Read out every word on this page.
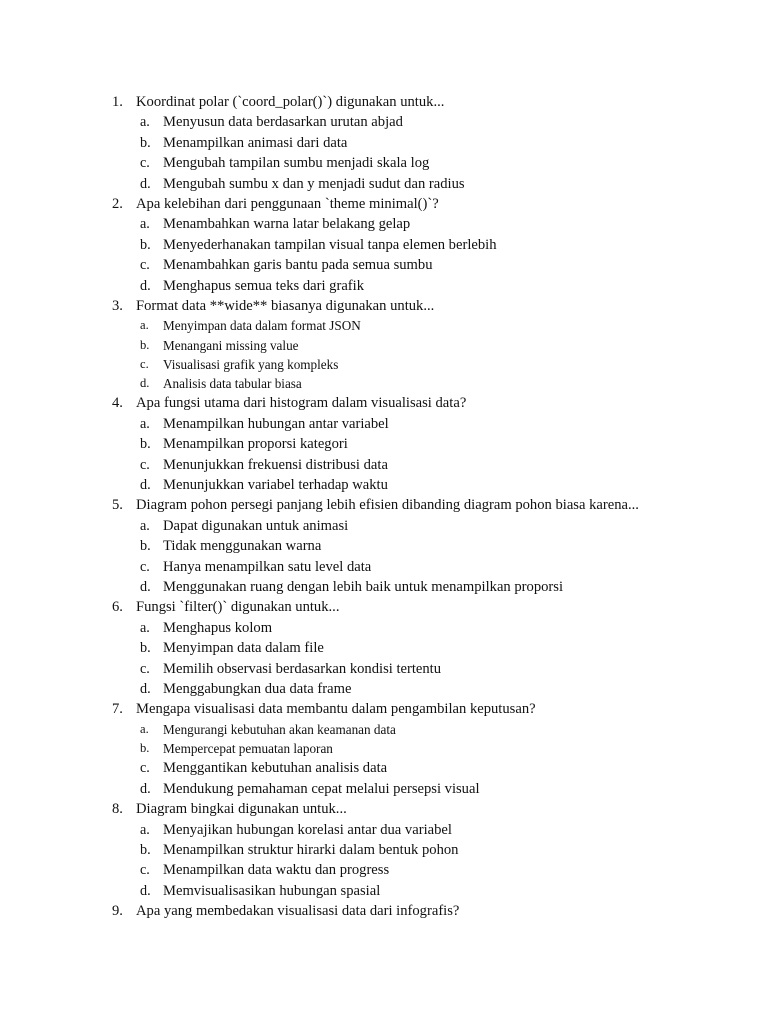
1. Koordinat polar (`coord_polar()`) digunakan untuk...
a. Menyusun data berdasarkan urutan abjad
b. Menampilkan animasi dari data
c. Mengubah tampilan sumbu menjadi skala log
d. Mengubah sumbu x dan y menjadi sudut dan radius
2. Apa kelebihan dari penggunaan `theme minimal()`?
a. Menambahkan warna latar belakang gelap
b. Menyederhanakan tampilan visual tanpa elemen berlebih
c. Menambahkan garis bantu pada semua sumbu
d. Menghapus semua teks dari grafik
3. Format data **wide** biasanya digunakan untuk...
a. Menyimpan data dalam format JSON
b. Menangani missing value
c. Visualisasi grafik yang kompleks
d. Analisis data tabular biasa
4. Apa fungsi utama dari histogram dalam visualisasi data?
a. Menampilkan hubungan antar variabel
b. Menampilkan proporsi kategori
c. Menunjukkan frekuensi distribusi data
d. Menunjukkan variabel terhadap waktu
5. Diagram pohon persegi panjang lebih efisien dibanding diagram pohon biasa karena...
a. Dapat digunakan untuk animasi
b. Tidak menggunakan warna
c. Hanya menampilkan satu level data
d. Menggunakan ruang dengan lebih baik untuk menampilkan proporsi
6. Fungsi `filter()` digunakan untuk...
a. Menghapus kolom
b. Menyimpan data dalam file
c. Memilih observasi berdasarkan kondisi tertentu
d. Menggabungkan dua data frame
7. Mengapa visualisasi data membantu dalam pengambilan keputusan?
a. Mengurangi kebutuhan akan keamanan data
b. Mempercepat pemuatan laporan
c. Menggantikan kebutuhan analisis data
d. Mendukung pemahaman cepat melalui persepsi visual
8. Diagram bingkai digunakan untuk...
a. Menyajikan hubungan korelasi antar dua variabel
b. Menampilkan struktur hirarki dalam bentuk pohon
c. Menampilkan data waktu dan progress
d. Memvisualisasikan hubungan spasial
9. Apa yang membedakan visualisasi data dari infografis?
